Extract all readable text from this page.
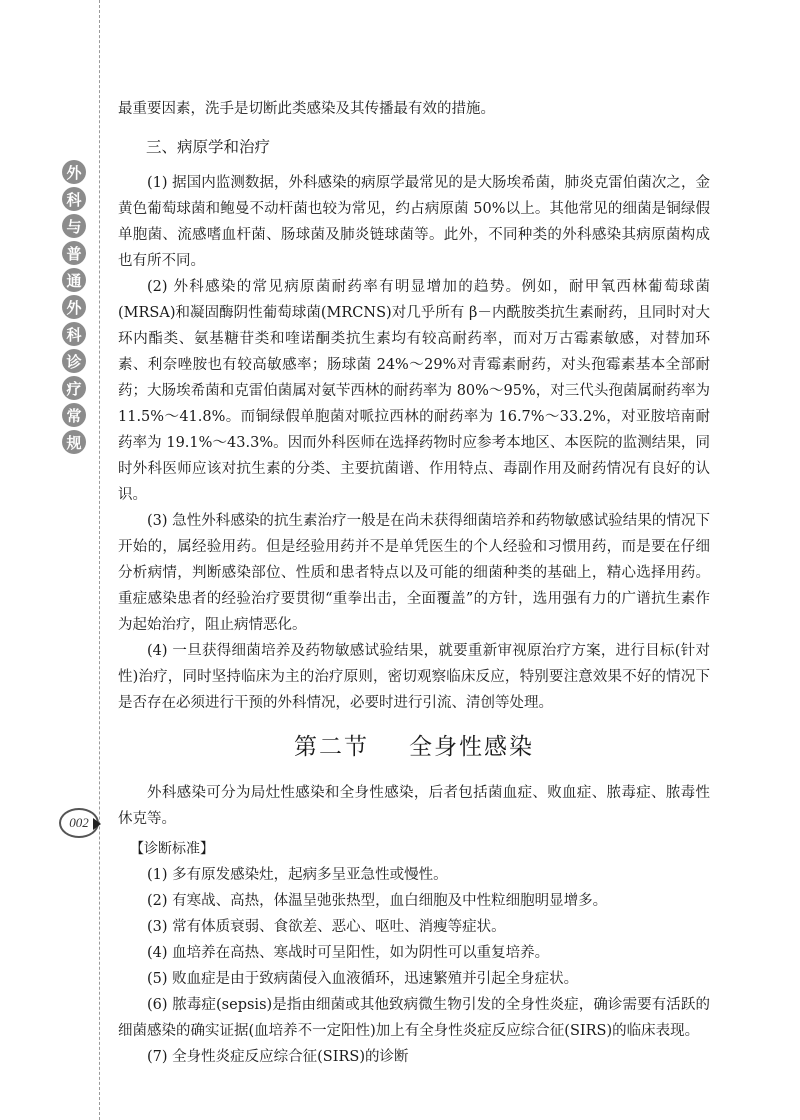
外
科
与
普
通
外
科
诊
疗
常
规
002

最重要因素，洗手是切断此类感染及其传播最有效的措施。

三、病原学和治疗

(1) 据国内监测数据，外科感染的病原学最常见的是大肠埃希菌，肺炎克雷伯菌次之，金黄色葡萄球菌和鲍曼不动杆菌也较为常见，约占病原菌 50%以上。其他常见的细菌是铜绿假单胞菌、流感嗜血杆菌、肠球菌及肺炎链球菌等。此外，不同种类的外科感染其病原菌构成也有所不同。

(2) 外科感染的常见病原菌耐药率有明显增加的趋势。例如，耐甲氧西林葡萄球菌(MRSA)和凝固酶阴性葡萄球菌(MRCNS)对几乎所有 β－内酰胺类抗生素耐药，且同时对大环内酯类、氨基糖苷类和喹诺酮类抗生素均有较高耐药率，而对万古霉素敏感，对替加环素、利奈唑胺也有较高敏感率；肠球菌 24%～29%对青霉素耐药，对头孢霉素基本全部耐药；大肠埃希菌和克雷伯菌属对氨苄西林的耐药率为 80%～95%，对三代头孢菌属耐药率为 11.5%～41.8%。而铜绿假单胞菌对哌拉西林的耐药率为 16.7%～33.2%，对亚胺培南耐药率为 19.1%～43.3%。因而外科医师在选择药物时应参考本地区、本医院的监测结果，同时外科医师应该对抗生素的分类、主要抗菌谱、作用特点、毒副作用及耐药情况有良好的认识。

(3) 急性外科感染的抗生素治疗一般是在尚未获得细菌培养和药物敏感试验结果的情况下开始的，属经验用药。但是经验用药并不是单凭医生的个人经验和习惯用药，而是要在仔细分析病情，判断感染部位、性质和患者特点以及可能的细菌种类的基础上，精心选择用药。重症感染患者的经验治疗要贯彻“重拳出击，全面覆盖”的方针，选用强有力的广谱抗生素作为起始治疗，阻止病情恶化。

(4) 一旦获得细菌培养及药物敏感试验结果，就要重新审视原治疗方案，进行目标(针对性)治疗，同时坚持临床为主的治疗原则，密切观察临床反应，特别要注意效果不好的情况下是否存在必须进行干预的外科情况，必要时进行引流、清创等处理。

第二节 全身性感染

外科感染可分为局灶性感染和全身性感染，后者包括菌血症、败血症、脓毒症、脓毒性休克等。

【诊断标准】

(1) 多有原发感染灶，起病多呈亚急性或慢性。

(2) 有寒战、高热，体温呈弛张热型，血白细胞及中性粒细胞明显增多。

(3) 常有体质衰弱、食欲差、恶心、呕吐、消瘦等症状。

(4) 血培养在高热、寒战时可呈阳性，如为阴性可以重复培养。

(5) 败血症是由于致病菌侵入血液循环，迅速繁殖并引起全身症状。

(6) 脓毒症(sepsis)是指由细菌或其他致病微生物引发的全身性炎症，确诊需要有活跃的细菌感染的确实证据(血培养不一定阳性)加上有全身性炎症反应综合征(SIRS)的临床表现。

(7) 全身性炎症反应综合征(SIRS)的诊断
